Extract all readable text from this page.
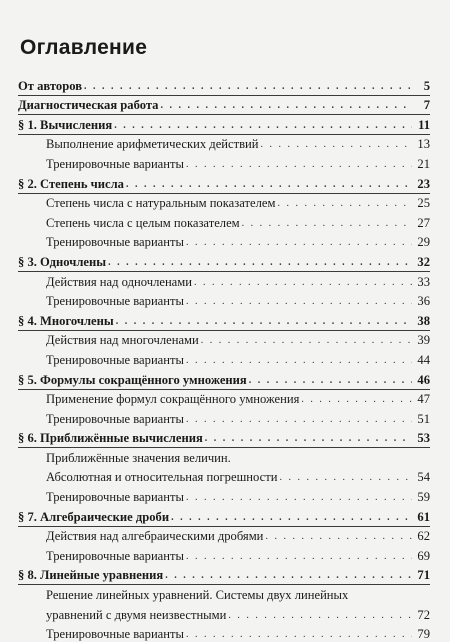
Оглавление
От авторов . . .	5
Диагностическая работа . . .	7
§ 1. Вычисления . . .	11
Выполнение арифметических действий . . .	13
Тренировочные варианты . . .	21
§ 2. Степень числа . . .	23
Степень числа с натуральным показателем . . .	25
Степень числа с целым показателем . . .	27
Тренировочные варианты . . .	29
§ 3. Одночлены . . .	32
Действия над одночленами . . .	33
Тренировочные варианты . . .	36
§ 4. Многочлены . . .	38
Действия над многочленами . . .	39
Тренировочные варианты . . .	44
§ 5. Формулы сокращённого умножения . . .	46
Применение формул сокращённого умножения . . .	47
Тренировочные варианты . . .	51
§ 6. Приближённые вычисления . . .	53
Приближённые значения величин.
Абсолютная и относительная погрешности . . .	54
Тренировочные варианты . . .	59
§ 7. Алгебраические дроби . . .	61
Действия над алгебраическими дробями . . .	62
Тренировочные варианты . . .	69
§ 8. Линейные уравнения . . .	71
Решение линейных уравнений. Системы двух линейных
уравнений с двумя неизвестными . . .	72
Тренировочные варианты . . .	79
